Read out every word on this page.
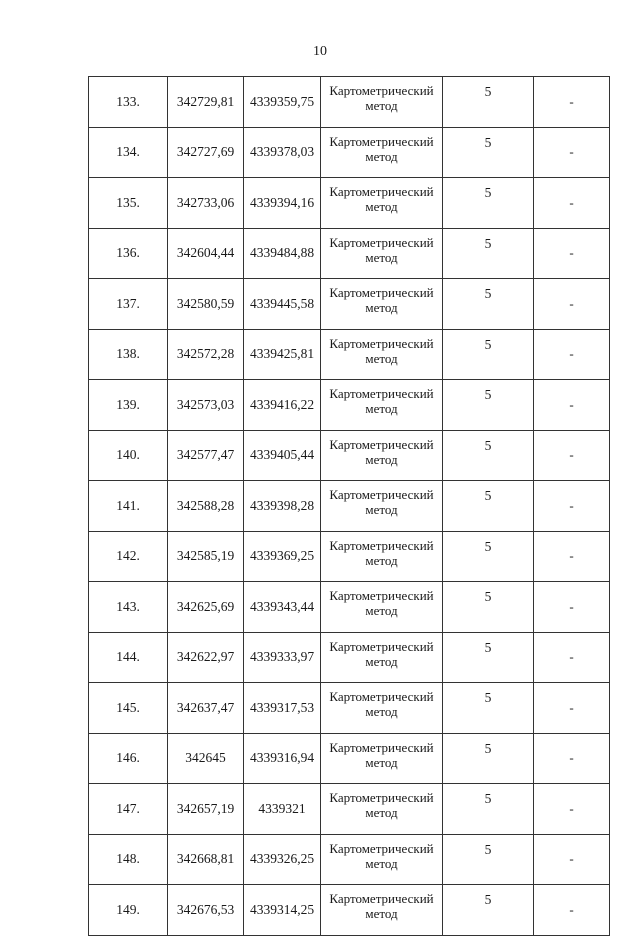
10
133.	342729,81	4339359,75	Картометрический метод	5	-
134.	342727,69	4339378,03	Картометрический метод	5	-
135.	342733,06	4339394,16	Картометрический метод	5	-
136.	342604,44	4339484,88	Картометрический метод	5	-
137.	342580,59	4339445,58	Картометрический метод	5	-
138.	342572,28	4339425,81	Картометрический метод	5	-
139.	342573,03	4339416,22	Картометрический метод	5	-
140.	342577,47	4339405,44	Картометрический метод	5	-
141.	342588,28	4339398,28	Картометрический метод	5	-
142.	342585,19	4339369,25	Картометрический метод	5	-
143.	342625,69	4339343,44	Картометрический метод	5	-
144.	342622,97	4339333,97	Картометрический метод	5	-
145.	342637,47	4339317,53	Картометрический метод	5	-
146.	342645	4339316,94	Картометрический метод	5	-
147.	342657,19	4339321	Картометрический метод	5	-
148.	342668,81	4339326,25	Картометрический метод	5	-
149.	342676,53	4339314,25	Картометрический метод	5	-
